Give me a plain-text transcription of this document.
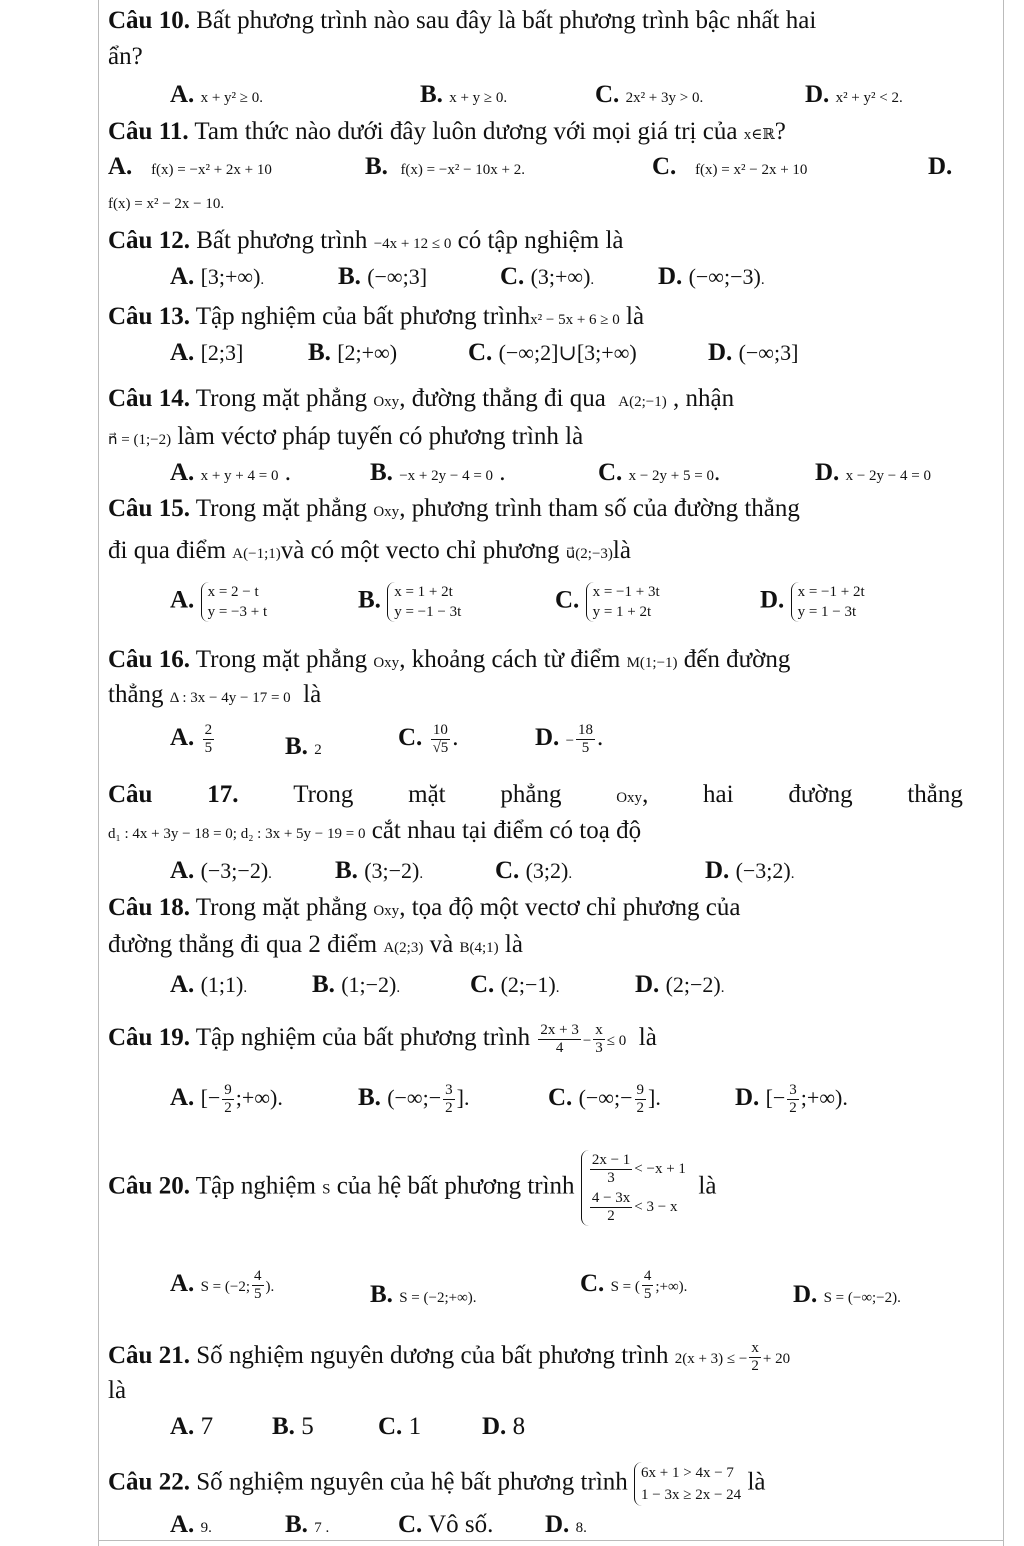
Câu 10. Bất phương trình nào sau đây là bất phương trình bậc nhất hai
ẩn?
A. x + y² ≥ 0.	B. x + y ≥ 0.	C. 2x² + 3y > 0.	D. x² + y² < 2.
Câu 11. Tam thức nào dưới đây luôn dương với mọi giá trị của x∈ℝ?
A. f(x) = −x² + 2x + 10	B. f(x) = −x² − 10x + 2.	C. f(x) = x² − 2x + 10	D.
f(x) = x² − 2x − 10.
Câu 12. Bất phương trình −4x + 12 ≤ 0 có tập nghiệm là
A. [3;+∞).	B. (−∞;3]	C. (3;+∞).	D. (−∞;−3).
Câu 13. Tập nghiệm của bất phương trìnhx² − 5x + 6 ≥ 0 là
A. [2;3]	B. [2;+∞)	C. (−∞;2]∪[3;+∞)	D. (−∞;3]
Câu 14. Trong mặt phẳng Oxy, đường thẳng đi qua A(2;−1) , nhận
n⃗ = (1;−2) làm véctơ pháp tuyến có phương trình là
A. x + y + 4 = 0 .	B. −x + 2y − 4 = 0 .	C. x − 2y + 5 = 0.	D. x − 2y − 4 = 0
Câu 15. Trong mặt phẳng Oxy, phương trình tham số của đường thẳng
đi qua điểm A(−1;1)và có một vecto chỉ phương u⃗(2;−3)là
A. x = 2 − t
y = −3 + t	B. x = 1 + 2t
y = −1 − 3t	C. x = −1 + 3t
y = 1 + 2t	D. x = −1 + 2t
y = 1 − 3t
Câu 16. Trong mặt phẳng Oxy, khoảng cách từ điểm M(1;−1) đến đường
thẳng Δ : 3x − 4y − 17 = 0 là
A. $\frac{2}{5}$	B. 2	C. $\frac{10}{√5}$ .	D. − $\frac{18}{5}$ .
Câu 17. Trong mặt phẳng	Oxy, hai đường thẳng
d₁ : 4x + 3y − 18 = 0; d₂ : 3x + 5y − 19 = 0 cắt nhau tại điểm có toạ độ
A. (−3;−2).	B. (3;−2).	C. (3;2).	D. (−3;2).
Câu 18. Trong mặt phẳng Oxy, tọa độ một vectơ chỉ phương của
đường thẳng đi qua 2 điểm A(2;3) và B(4;1) là
A. (1;1).	B. (1;−2).	C. (2;−1).	D. (2;−2).
Câu 19. Tập nghiệm của bất phương trình $\frac{2x + 3}{4} - \frac{x}{3} \le 0$ là
A. [− $\frac{9}{2}$ ;+∞).	B. (−∞;− $\frac{3}{2}$ ].	C. (−∞;− $\frac{9}{2}$ ].	D. [− $\frac{3}{2}$ ;+∞).
Câu 20. Tập nghiệm S của hệ bất phương trình $\frac{2x - 1}{3} < -x + 1$

$\frac{4 - 3x}{2} < 3 - x$  là
A. S = (−2; $\frac{4}{5}$ ).	B. S = (−2;+∞).
C. S = ( $\frac{4}{5}$ ;+∞).	D. S = (−∞;−2).
Câu 21. Số nghiệm nguyên dương của bất phương trình 2(x + 3) ≤ − $\frac{x}{2} + 20$
là
A. 7 B. 5	C. 1 D. 8
Câu 22. Số nghiệm nguyên của hệ bất phương trình 6x + 1 > 4x − 7
1 − 3x ≥ 2x − 24 là
A. 9.	B. 7 .	C. Vô số. D. 8.
